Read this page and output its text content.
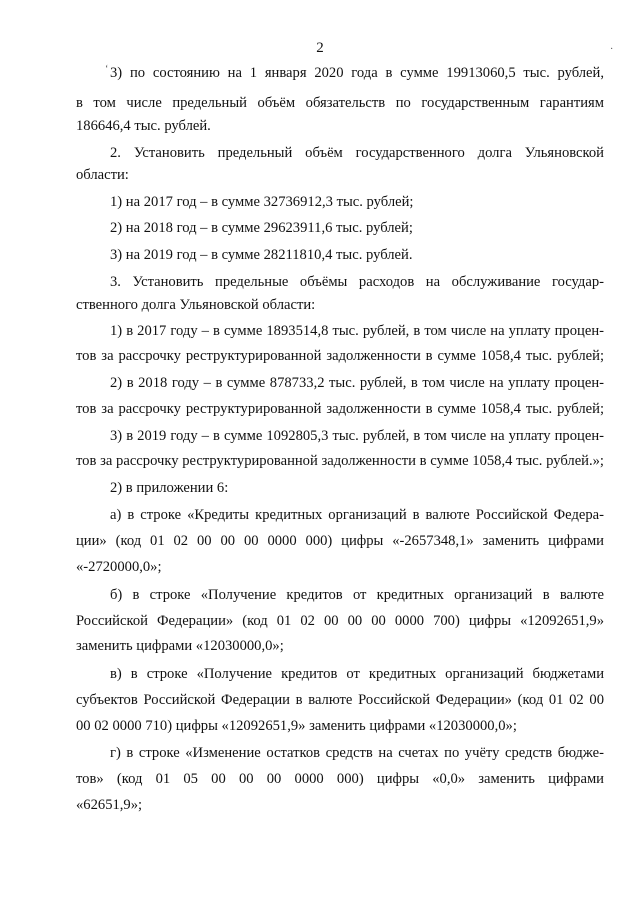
2
ʻ
·
3) по состоянию на 1 января 2020 года в сумме 19913060,5 тыс. рублей,
в том числе предельный объём обязательств по государственным гарантиям
186646,4 тыс. рублей.
2. Установить предельный объём государственного долга Ульяновской
области:
1) на 2017 год – в сумме 32736912,3 тыс. рублей;
2) на 2018 год – в сумме 29623911,6 тыс. рублей;
3) на 2019 год – в сумме 28211810,4 тыс. рублей.
3. Установить предельные объёмы расходов на обслуживание государ-
ственного долга Ульяновской области:
1) в 2017 году – в сумме 1893514,8 тыс. рублей, в том числе на уплату процен-
тов за рассрочку реструктурированной задолженности в сумме 1058,4 тыс. рублей;
2) в 2018 году – в сумме 878733,2 тыс. рублей, в том числе на уплату процен-
тов за рассрочку реструктурированной задолженности в сумме 1058,4 тыс. рублей;
3) в 2019 году – в сумме 1092805,3 тыс. рублей, в том числе на уплату процен-
тов за рассрочку реструктурированной задолженности в сумме 1058,4 тыс. рублей.»;
2) в приложении 6:
а) в строке «Кредиты кредитных организаций в валюте Российской Федера-
ции» (код 01 02 00 00 00 0000 000) цифры «-2657348,1» заменить цифрами
«-2720000,0»;
б) в строке «Получение кредитов от кредитных организаций в валюте
Российской Федерации» (код 01 02 00 00 00 0000 700) цифры «12092651,9»
заменить цифрами «12030000,0»;
в) в строке «Получение кредитов от кредитных организаций бюджетами
субъектов Российской Федерации в валюте Российской Федерации» (код 01 02 00
00 02 0000 710) цифры «12092651,9» заменить цифрами «12030000,0»;
г) в строке «Изменение остатков средств на счетах по учёту средств бюдже-
тов» (код 01 05 00 00 00 0000 000) цифры «0,0» заменить цифрами
«62651,9»;
